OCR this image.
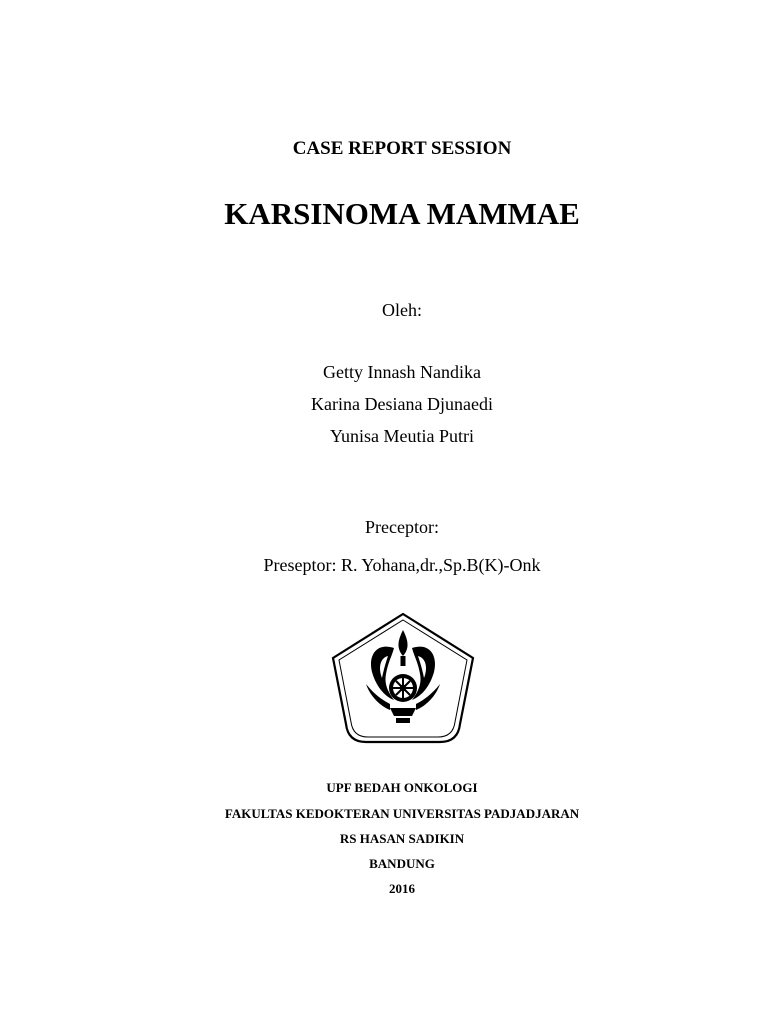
CASE REPORT SESSION
KARSINOMA MAMMAE
Oleh:
Getty Innash Nandika
Karina Desiana Djunaedi
Yunisa Meutia Putri
Preceptor:
Preseptor: R. Yohana,dr.,Sp.B(K)-Onk
UPF BEDAH ONKOLOGI
FAKULTAS KEDOKTERAN UNIVERSITAS PADJADJARAN
RS HASAN SADIKIN
BANDUNG
2016
